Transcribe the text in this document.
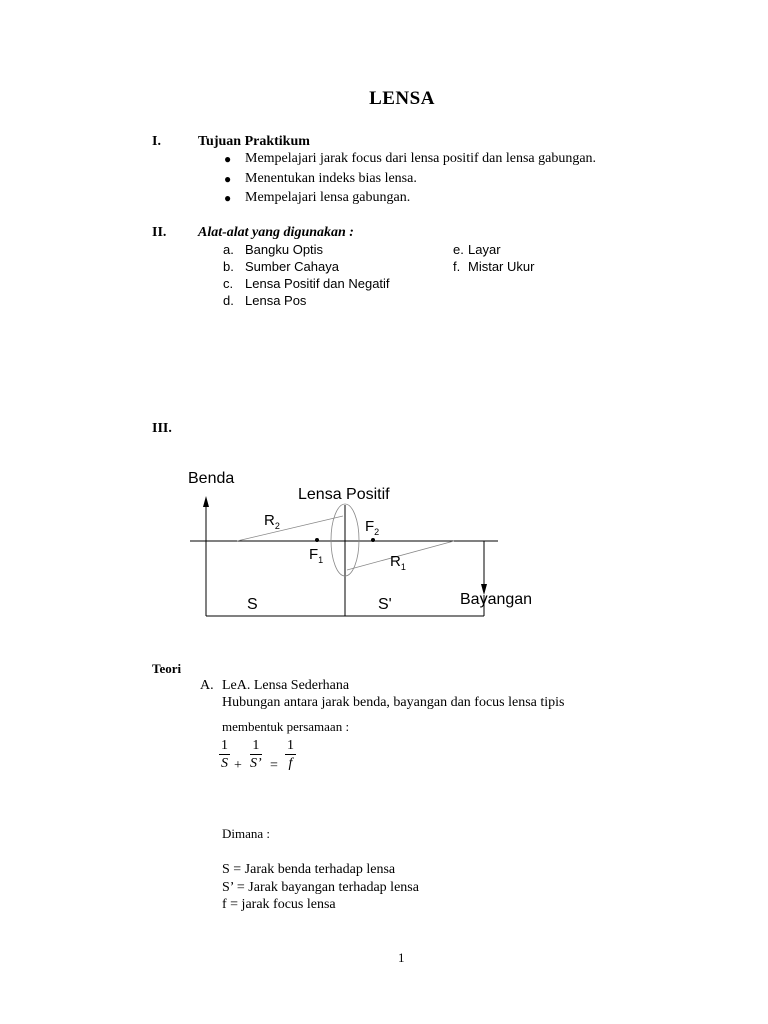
LENSA
I.	Tujuan Praktikum
● Mempelajari jarak focus dari lensa positif dan lensa gabungan.
● Menentukan indeks bias lensa.
● Mempelajari lensa gabungan.
II. Alat-alat yang digunakan :
a. Bangku Optis
b. Sumber Cahaya
c. Lensa Positif dan Negatif
d. Lensa Pos
e. Layar
f. Mistar Ukur
III.
Benda
Lensa Positif
$R_2$	$F_2$
$F_1$	$R_1$
S	S'	Bayangan
Teori
A. LeA. Lensa Sederhana
Hubungan antara jarak benda, bayangan dan focus lensa tipis
membentuk persamaan :
$\frac{1}{S} + \frac{1}{S’} = \frac{1}{f}$
Dimana :
S = Jarak benda terhadap lensa
S’ = Jarak bayangan terhadap lensa
f = jarak focus lensa
1
